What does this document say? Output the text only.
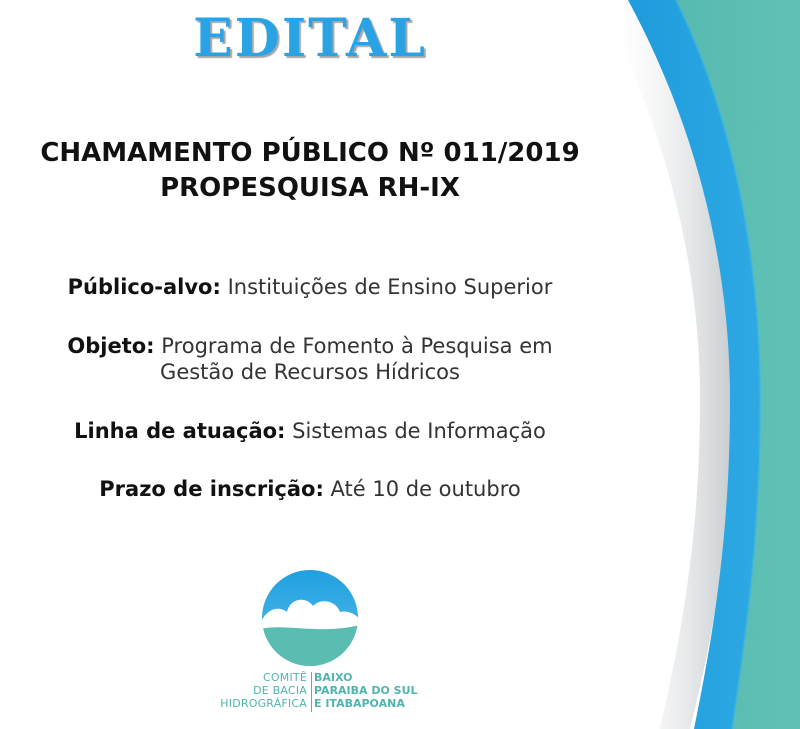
EDITAL
CHAMAMENTO PÚBLICO Nº 011/2019
PROPESQUISA RH-IX
Público-alvo: Instituições de Ensino Superior
Objeto: Programa de Fomento à Pesquisa em
Gestão de Recursos Hídricos
Linha de atuação: Sistemas de Informação
Prazo de inscrição: Até 10 de outubro
COMITÊ
DE BACIA
HIDROGRÁFICA
BAIXO
PARAIBA DO SUL
E ITABAPOANA
